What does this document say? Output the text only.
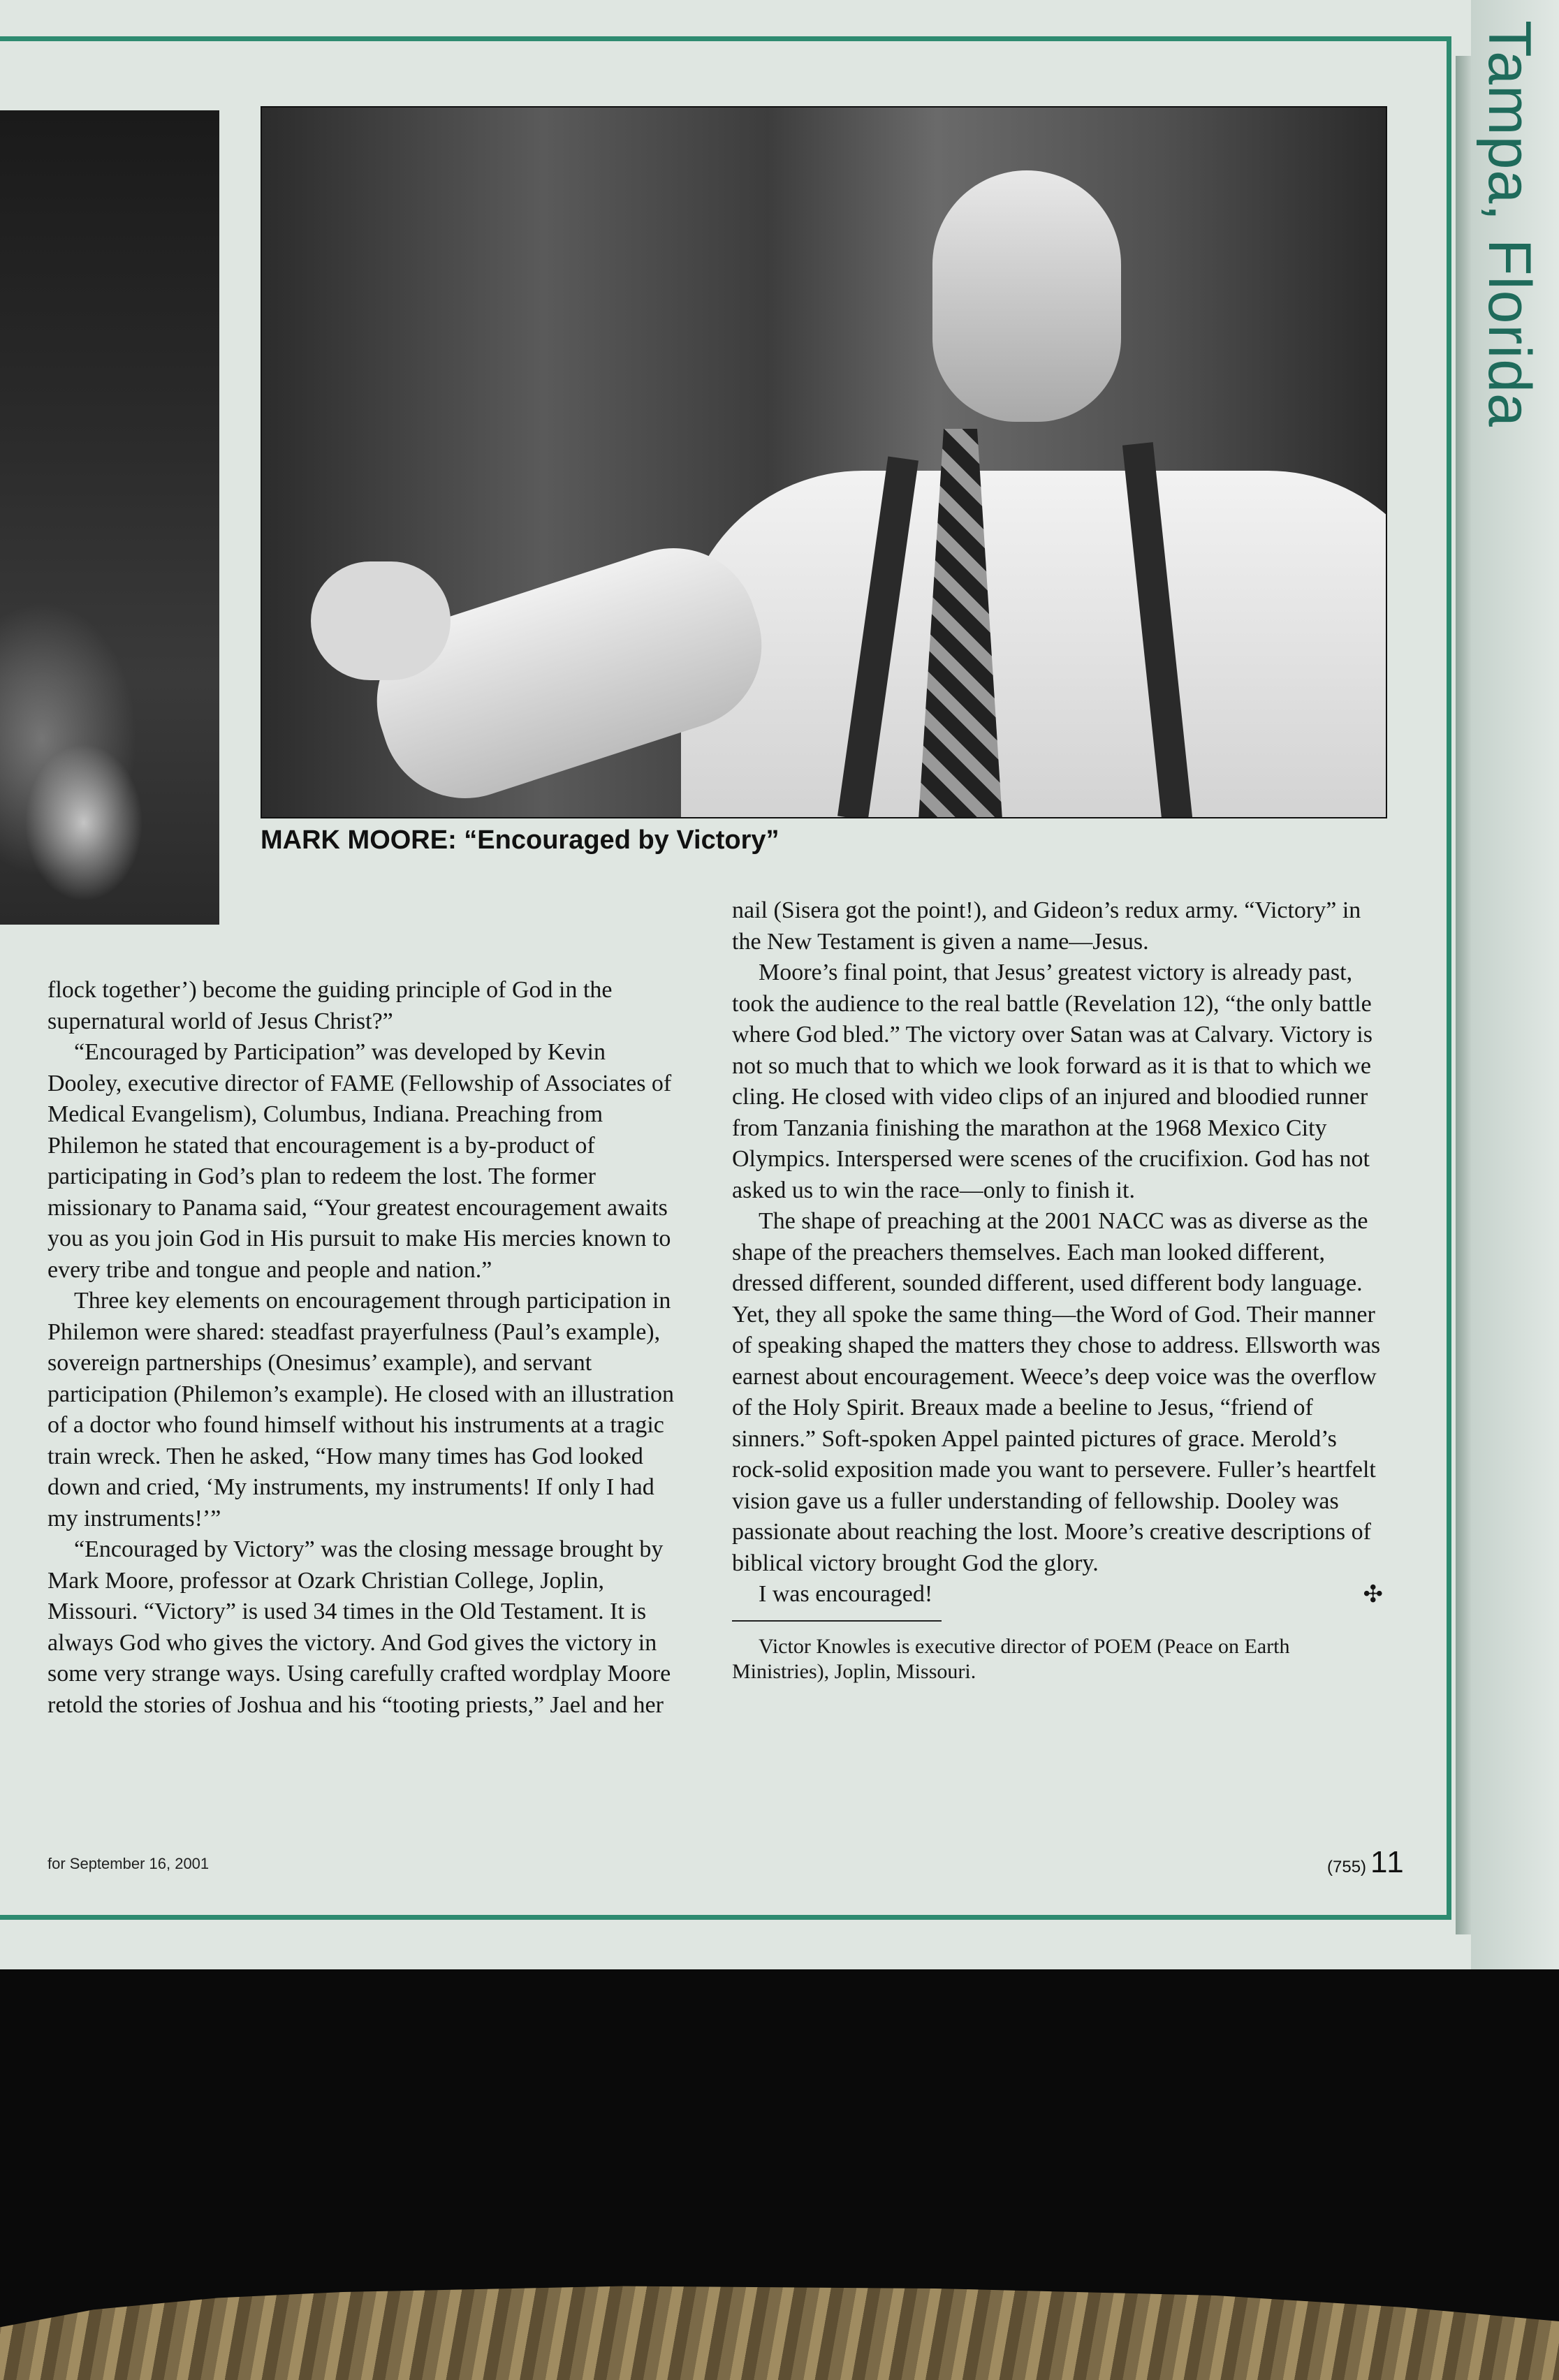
Tampa, Florida

MARK MOORE: “Encouraged by Victory”

flock together’) become the guiding principle of God in the supernatural world of Jesus Christ?”

“Encouraged by Participation” was developed by Kevin Dooley, executive director of FAME (Fellowship of Associates of Medical Evangelism), Columbus, Indiana. Preaching from Philemon he stated that encouragement is a by-product of participating in God’s plan to redeem the lost. The former missionary to Panama said, “Your greatest encouragement awaits you as you join God in His pursuit to make His mercies known to every tribe and tongue and people and nation.”

Three key elements on encouragement through participation in Philemon were shared: steadfast prayerfulness (Paul’s example), sovereign partnerships (Onesimus’ example), and servant participation (Philemon’s example). He closed with an illustration of a doctor who found himself without his instruments at a tragic train wreck. Then he asked, “How many times has God looked down and cried, ‘My instruments, my instruments! If only I had my instruments!’”

“Encouraged by Victory” was the closing message brought by Mark Moore, professor at Ozark Christian College, Joplin, Missouri. “Victory” is used 34 times in the Old Testament. It is always God who gives the victory. And God gives the victory in some very strange ways. Using carefully crafted wordplay Moore retold the stories of Joshua and his “tooting priests,” Jael and her

nail (Sisera got the point!), and Gideon’s redux army. “Victory” in the New Testament is given a name—Jesus.

Moore’s final point, that Jesus’ greatest victory is already past, took the audience to the real battle (Revelation 12), “the only battle where God bled.” The victory over Satan was at Calvary. Victory is not so much that to which we look forward as it is that to which we cling. He closed with video clips of an injured and bloodied runner from Tanzania finishing the marathon at the 1968 Mexico City Olympics. Interspersed were scenes of the crucifixion. God has not asked us to win the race—only to finish it.

The shape of preaching at the 2001 NACC was as diverse as the shape of the preachers themselves. Each man looked different, dressed different, sounded different, used different body language. Yet, they all spoke the same thing—the Word of God. Their manner of speaking shaped the matters they chose to address. Ellsworth was earnest about encouragement. Weece’s deep voice was the overflow of the Holy Spirit. Breaux made a beeline to Jesus, “friend of sinners.” Soft-spoken Appel painted pictures of grace. Merold’s rock-solid exposition made you want to persevere. Fuller’s heartfelt vision gave us a fuller understanding of fellowship. Dooley was passionate about reaching the lost. Moore’s creative descriptions of biblical victory brought God the glory.

I was encouraged!	✣

Victor Knowles is executive director of POEM (Peace on Earth Ministries), Joplin, Missouri.

for September 16, 2001	(755) 11
